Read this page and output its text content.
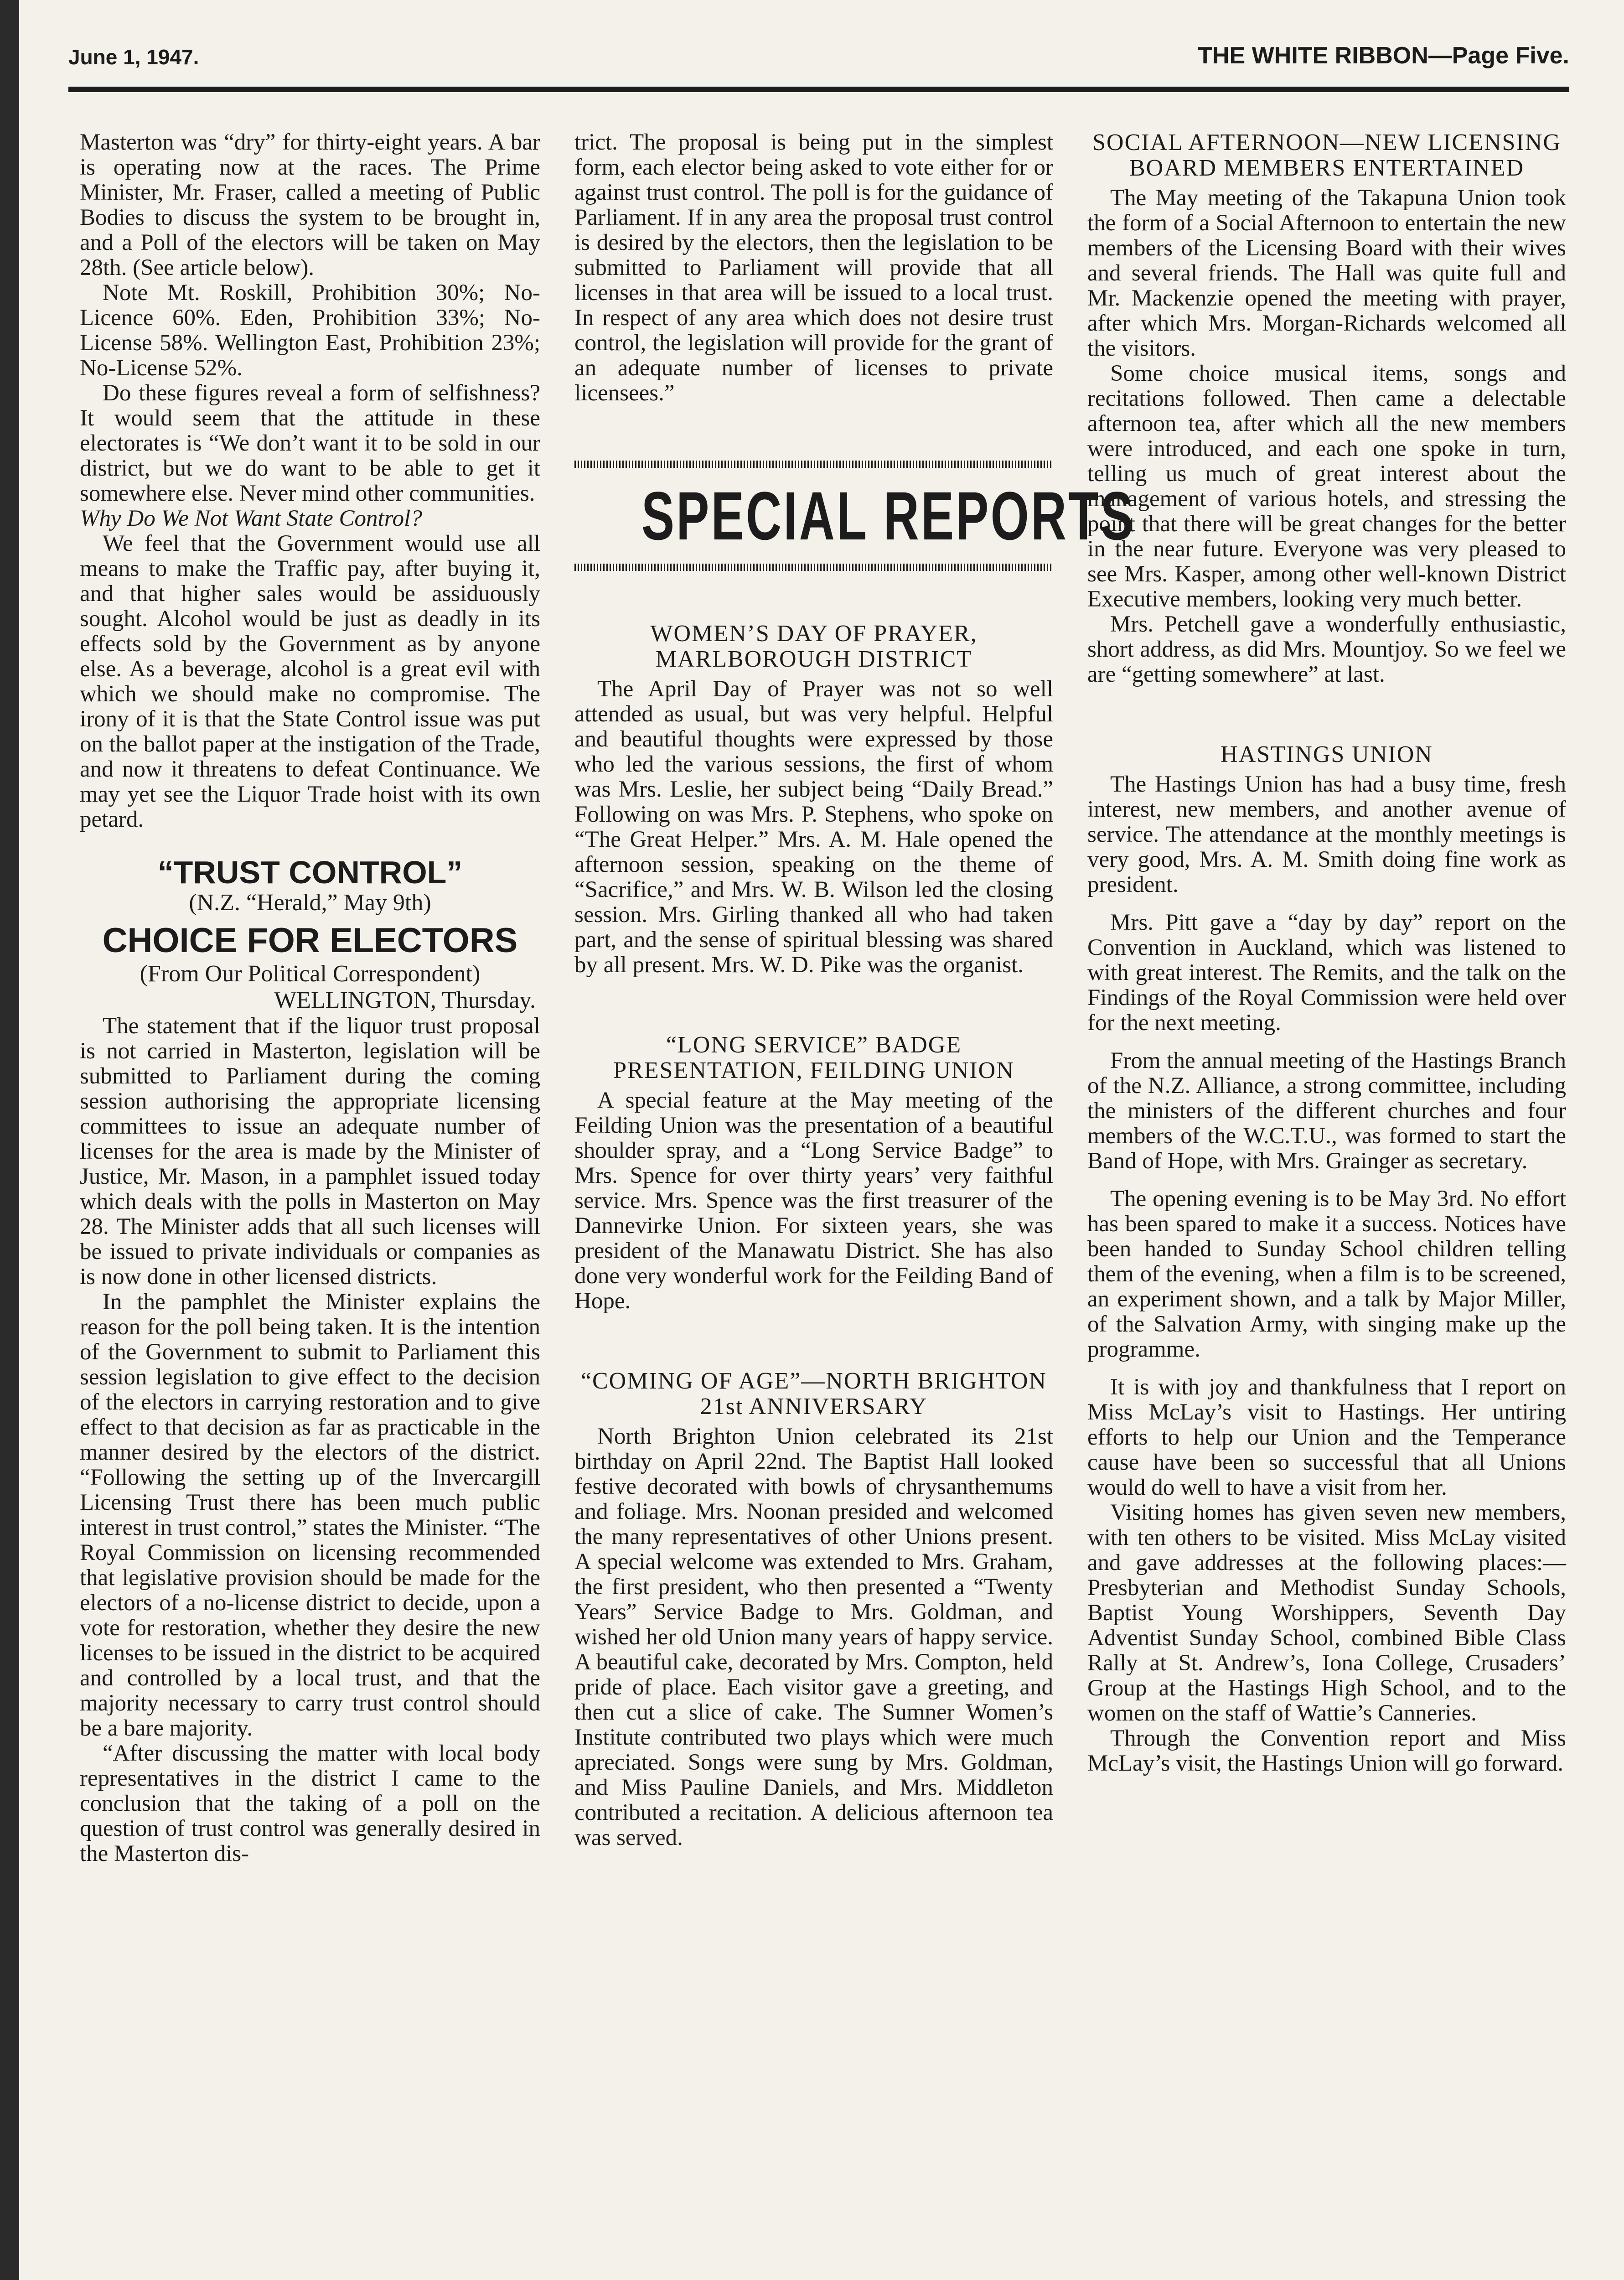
June 1, 1947.	THE WHITE RIBBON—Page Five.

Masterton was “dry” for thirty-eight years. A bar is operating now at the races. The Prime Minister, Mr. Fraser, called a meeting of Public Bodies to discuss the system to be brought in, and a Poll of the electors will be taken on May 28th. (See article below).

Note Mt. Roskill, Prohibition 30%; No-Licence 60%. Eden, Prohibition 33%; No-License 58%. Wellington East, Prohibition 23%; No-License 52%.

Do these figures reveal a form of selfishness? It would seem that the attitude in these electorates is “We don’t want it to be sold in our district, but we do want to be able to get it somewhere else. Never mind other communities.

Why Do We Not Want State Control?

We feel that the Government would use all means to make the Traffic pay, after buying it, and that higher sales would be assiduously sought. Alcohol would be just as deadly in its effects sold by the Government as by anyone else. As a beverage, alcohol is a great evil with which we should make no compromise. The irony of it is that the State Control issue was put on the ballot paper at the instigation of the Trade, and now it threatens to defeat Continuance. We may yet see the Liquor Trade hoist with its own petard.

“TRUST CONTROL”
(N.Z. “Herald,” May 9th)
CHOICE FOR ELECTORS
(From Our Political Correspondent)
WELLINGTON, Thursday.

The statement that if the liquor trust proposal is not carried in Masterton, legislation will be submitted to Parliament during the coming session authorising the appropriate licensing committees to issue an adequate number of licenses for the area is made by the Minister of Justice, Mr. Mason, in a pamphlet issued today which deals with the polls in Masterton on May 28. The Minister adds that all such licenses will be issued to private individuals or companies as is now done in other licensed districts.

In the pamphlet the Minister explains the reason for the poll being taken. It is the intention of the Government to submit to Parliament this session legislation to give effect to the decision of the electors in carrying restoration and to give effect to that decision as far as practicable in the manner desired by the electors of the district. “Following the setting up of the Invercargill Licensing Trust there has been much public interest in trust control,” states the Minister. “The Royal Commission on licensing recommended that legislative provision should be made for the electors of a no-license district to decide, upon a vote for restoration, whether they desire the new licenses to be issued in the district to be acquired and controlled by a local trust, and that the majority necessary to carry trust control should be a bare majority.

“After discussing the matter with local body representatives in the district I came to the conclusion that the taking of a poll on the question of trust control was generally desired in the Masterton dis-

trict. The proposal is being put in the simplest form, each elector being asked to vote either for or against trust control. The poll is for the guidance of Parliament. If in any area the proposal trust control is desired by the electors, then the legislation to be submitted to Parliament will provide that all licenses in that area will be issued to a local trust. In respect of any area which does not desire trust control, the legislation will provide for the grant of an adequate number of licenses to private licensees.”

SPECIAL REPORTS
WOMEN’S DAY OF PRAYER, MARLBOROUGH DISTRICT

The April Day of Prayer was not so well attended as usual, but was very helpful. Helpful and beautiful thoughts were expressed by those who led the various sessions, the first of whom was Mrs. Leslie, her subject being “Daily Bread.” Following on was Mrs. P. Stephens, who spoke on “The Great Helper.” Mrs. A. M. Hale opened the afternoon session, speaking on the theme of “Sacrifice,” and Mrs. W. B. Wilson led the closing session. Mrs. Girling thanked all who had taken part, and the sense of spiritual blessing was shared by all present. Mrs. W. D. Pike was the organist.

“LONG SERVICE” BADGE PRESENTATION, FEILDING UNION

A special feature at the May meeting of the Feilding Union was the presentation of a beautiful shoulder spray, and a “Long Service Badge” to Mrs. Spence for over thirty years’ very faithful service. Mrs. Spence was the first treasurer of the Dannevirke Union. For sixteen years, she was president of the Manawatu District. She has also done very wonderful work for the Feilding Band of Hope.

“COMING OF AGE”—NORTH BRIGHTON 21st ANNIVERSARY

North Brighton Union celebrated its 21st birthday on April 22nd. The Baptist Hall looked festive decorated with bowls of chrysanthemums and foliage. Mrs. Noonan presided and welcomed the many representatives of other Unions present. A special welcome was extended to Mrs. Graham, the first president, who then presented a “Twenty Years” Service Badge to Mrs. Goldman, and wished her old Union many years of happy service. A beautiful cake, decorated by Mrs. Compton, held pride of place. Each visitor gave a greeting, and then cut a slice of cake. The Sumner Women’s Institute contributed two plays which were much apreciated. Songs were sung by Mrs. Goldman, and Miss Pauline Daniels, and Mrs. Middleton contributed a recitation. A delicious afternoon tea was served.

SOCIAL AFTERNOON—NEW LICENSING BOARD MEMBERS ENTERTAINED

The May meeting of the Takapuna Union took the form of a Social Afternoon to entertain the new members of the Licensing Board with their wives and several friends. The Hall was quite full and Mr. Mackenzie opened the meeting with prayer, after which Mrs. Morgan-Richards welcomed all the visitors.

Some choice musical items, songs and recitations followed. Then came a delectable afternoon tea, after which all the new members were introduced, and each one spoke in turn, telling us much of great interest about the management of various hotels, and stressing the point that there will be great changes for the better in the near future. Everyone was very pleased to see Mrs. Kasper, among other well-known District Executive members, looking very much better.

Mrs. Petchell gave a wonderfully enthusiastic, short address, as did Mrs. Mountjoy. So we feel we are “getting somewhere” at last.

HASTINGS UNION

The Hastings Union has had a busy time, fresh interest, new members, and another avenue of service. The attendance at the monthly meetings is very good, Mrs. A. M. Smith doing fine work as president.

Mrs. Pitt gave a “day by day” report on the Convention in Auckland, which was listened to with great interest. The Remits, and the talk on the Findings of the Royal Commission were held over for the next meeting.

From the annual meeting of the Hastings Branch of the N.Z. Alliance, a strong committee, including the ministers of the different churches and four members of the W.C.T.U., was formed to start the Band of Hope, with Mrs. Grainger as secretary.

The opening evening is to be May 3rd. No effort has been spared to make it a success. Notices have been handed to Sunday School children telling them of the evening, when a film is to be screened, an experiment shown, and a talk by Major Miller, of the Salvation Army, with singing make up the programme.

It is with joy and thankfulness that I report on Miss McLay’s visit to Hastings. Her untiring efforts to help our Union and the Temperance cause have been so successful that all Unions would do well to have a visit from her.

Visiting homes has given seven new members, with ten others to be visited. Miss McLay visited and gave addresses at the following places:—Presbyterian and Methodist Sunday Schools, Baptist Young Worshippers, Seventh Day Adventist Sunday School, combined Bible Class Rally at St. Andrew’s, Iona College, Crusaders’ Group at the Hastings High School, and to the women on the staff of Wattie’s Canneries.

Through the Convention report and Miss McLay’s visit, the Hastings Union will go forward.
